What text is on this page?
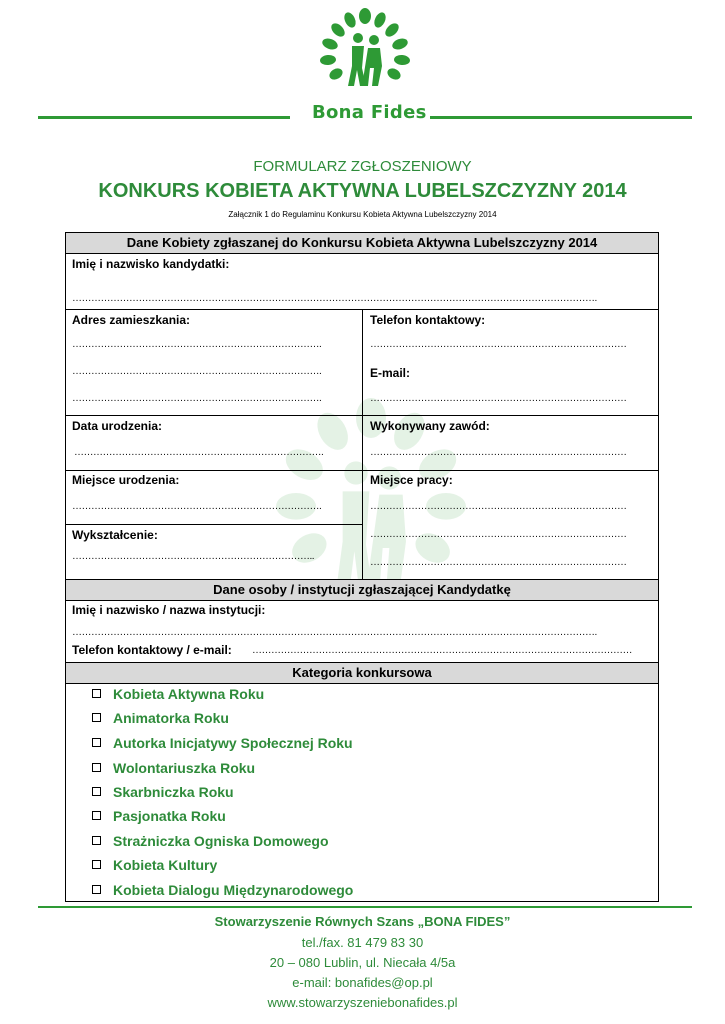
Bona Fides
FORMULARZ ZGŁOSZENIOWY
KONKURS KOBIETA AKTYWNA LUBELSZCZYZNY 2014
Załącznik 1 do Regulaminu Konkursu Kobieta Aktywna Lubelszczyzny 2014
Dane Kobiety zgłaszanej do Konkursu Kobieta Aktywna Lubelszczyzny 2014
Imię i nazwisko kandydatki:
………………………………………………………………………………………………………………………………………………….
Adres zamieszkania:
…………………………………………………………………….
…………………………………………………………………….
…………………………………………………………………….
Telefon kontaktowy:
………………………………………………………………………
E-mail:
………………………………………………………………………
Data urodzenia:
…………………………………………………………………….
Wykonywany zawód:
………………………………………………………………………
Miejsce urodzenia:
…………………………………………………………………….
Miejsce pracy:
………………………………………………………………………
………………………………………………………………………
………………………………………………………………………
Wykształcenie:
…………………………………………………………………..
Dane osoby / instytucji zgłaszającej Kandydatkę
Imię i nazwisko / nazwa instytucji:
………………………………………………………………………………………………………………………………………………….
Telefon kontaktowy / e-mail: …………………………………………………………………………………………………………
Kategoria konkursowa
Kobieta Aktywna Roku
Animatorka Roku
Autorka Inicjatywy Społecznej Roku
Wolontariuszka Roku
Skarbniczka Roku
Pasjonatka Roku
Strażniczka Ogniska Domowego
Kobieta Kultury
Kobieta Dialogu Międzynarodowego
Stowarzyszenie Równych Szans „BONA FIDES”
tel./fax. 81 479 83 30
20 – 080 Lublin, ul. Niecała 4/5a
e-mail: bonafides@op.pl
www.stowarzyszeniebonafides.pl
